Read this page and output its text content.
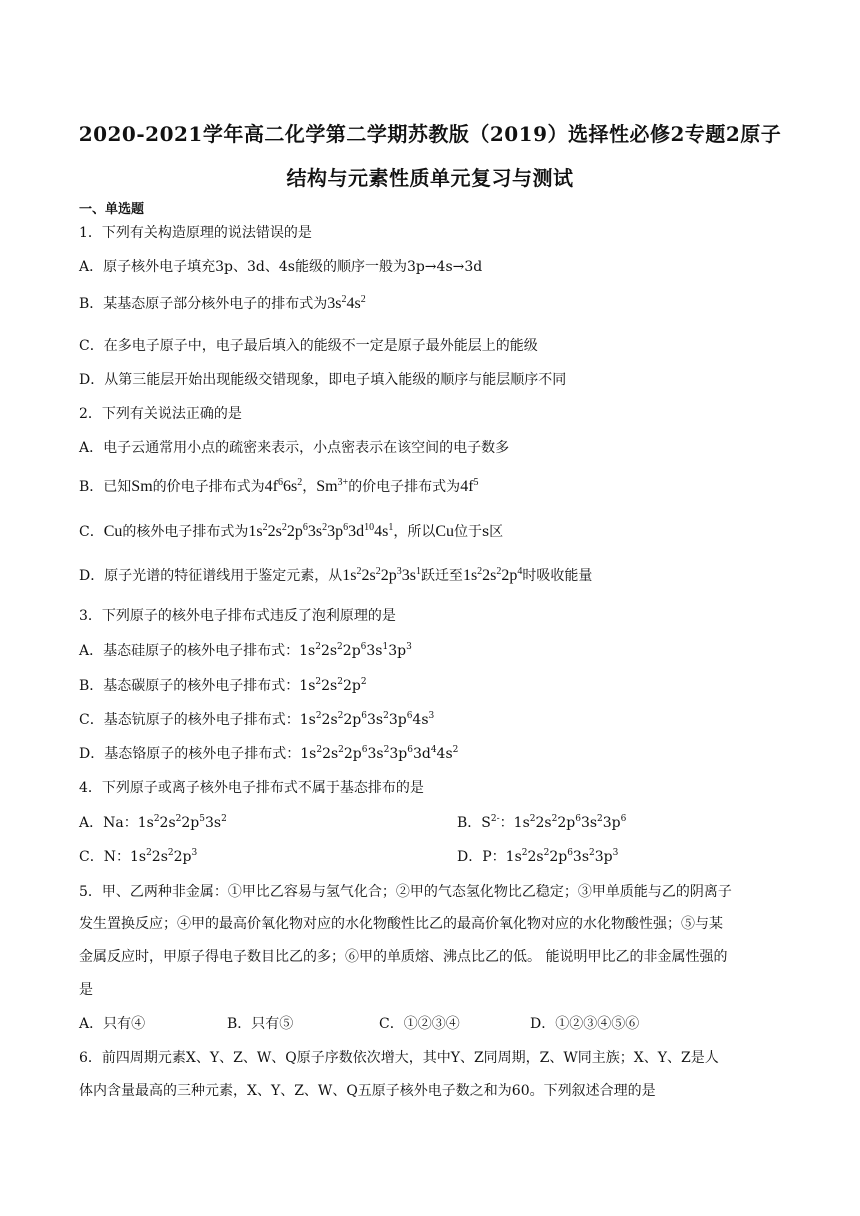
2020-2021学年高二化学第二学期苏教版（2019）选择性必修2专题2原子
结构与元素性质单元复习与测试
一、单选题
1．下列有关构造原理的说法错误的是
A．原子核外电子填充3p、3d、4s能级的顺序一般为3p→4s→3d
B．某基态原子部分核外电子的排布式为$3s^24s^2$
C．在多电子原子中，电子最后填入的能级不一定是原子最外能层上的能级
D．从第三能层开始出现能级交错现象，即电子填入能级的顺序与能层顺序不同
2．下列有关说法正确的是
A．电子云通常用小点的疏密来表示，小点密表示在该空间的电子数多
B．已知Sm的价电子排布式为$4f^66s^2$，$Sm^{3+}$的价电子排布式为$4f^5$
C．Cu的核外电子排布式为$1s^22s^22p^63s^23p^63d^{10}4s^1$，所以Cu位于s区
D．原子光谱的特征谱线用于鉴定元素，从$1s^22s^22p^33s^1$跃迁至$1s^22s^22p^4$时吸收能量
3．下列原子的核外电子排布式违反了泡利原理的是
A．基态硅原子的核外电子排布式：$1s^22s^22p^63s^13p^3$
B．基态碳原子的核外电子排布式：$1s^22s^22p^2$
C．基态钪原子的核外电子排布式：$1s^22s^22p^63s^23p^64s^3$
D．基态铬原子的核外电子排布式：$1s^22s^22p^63s^23p^63d^44s^2$
4．下列原子或离子核外电子排布式不属于基态排布的是
A．Na：$1s^22s^22p^53s^2$	B．$S^{2-}$：$1s^22s^22p^63s^23p^6$
C．N：$1s^22s^22p^3$	D．P：$1s^22s^22p^63s^23p^3$
5．甲、乙两种非金属：①甲比乙容易与氢气化合；②甲的气态氢化物比乙稳定；③甲单质能与乙的阴离子
发生置换反应；④甲的最高价氧化物对应的水化物酸性比乙的最高价氧化物对应的水化物酸性强；⑤与某
金属反应时，甲原子得电子数目比乙的多；⑥甲的单质熔、沸点比乙的低。 能说明甲比乙的非金属性强的
是
A．只有④	B．只有⑤	C．①②③④	D．①②③④⑤⑥
6．前四周期元素X、Y、Z、W、Q原子序数依次增大，其中Y、Z同周期，Z、W同主族；X、Y、Z是人
体内含量最高的三种元素，X、Y、Z、W、Q五原子核外电子数之和为60。下列叙述合理的是
